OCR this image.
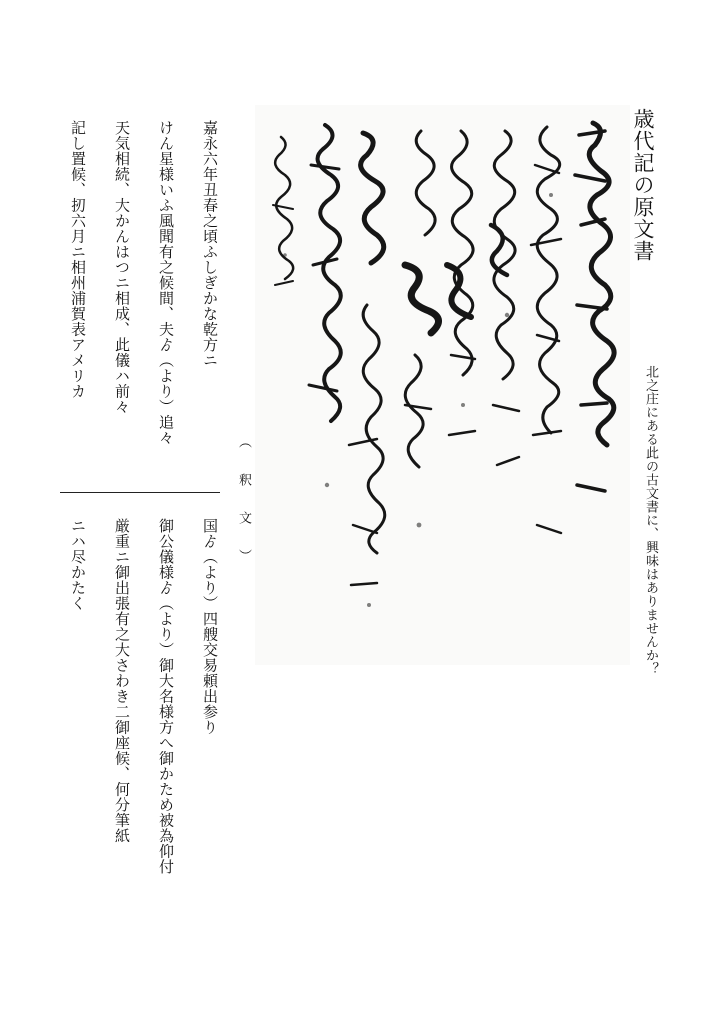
歳代記の原文書
北之庄にある此の古文書に、興味はありませんか？
（　釈　文　）
嘉永六年丑春之頃ふしぎかな乾方ニ
けん星様いふ風聞有之候間、夫ゟ（より）追々
天気相続、大かんはつニ相成、此儀ハ前々
記し置候、扨六月ニ相州浦賀表アメリカ
国ゟ（より）四艘交易頼出参り
御公儀様ゟ（より）御大名様方へ御かため被為仰付
厳重ニ御出張有之大さわき二御座候、何分筆紙
ニハ尽かたく
